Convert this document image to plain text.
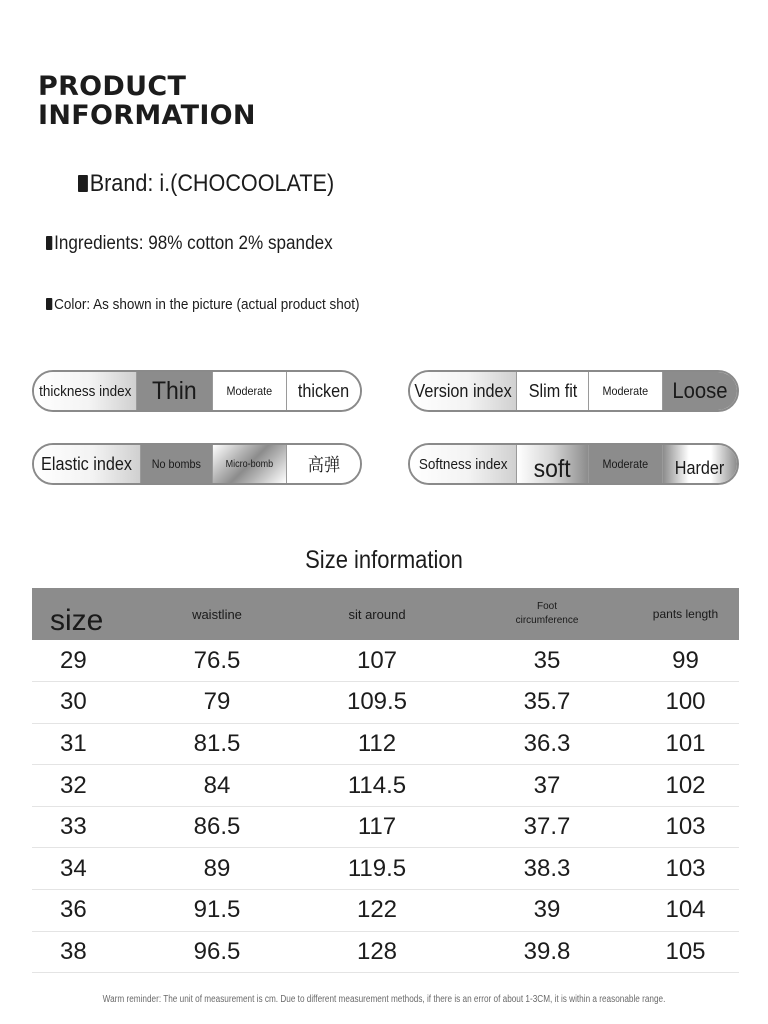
PRODUCT
INFORMATION
Brand: i.(CHOCOOLATE)
Ingredients: 98% cotton 2% spandex
Color: As shown in the picture (actual product shot)
thickness index Thin Moderate thicken	Version index Slim fit Moderate Loose
Elastic index No bombs Micro-bomb 高弹	Softness index soft	Moderate Harder
Size information
size	waistline	sit around	Foot
circumference	pants length
29	76.5	107	35	99
30	79	109.5	35.7	100
31	81.5	112	36.3	101
32	84	114.5	37	102
33	86.5	117	37.7	103
34	89	119.5	38.3	103
36	91.5	122	39	104
38	96.5	128	39.8	105
Warm reminder: The unit of measurement is cm. Due to different measurement methods, if there is an error of about 1-3CM, it is within a reasonable range.
